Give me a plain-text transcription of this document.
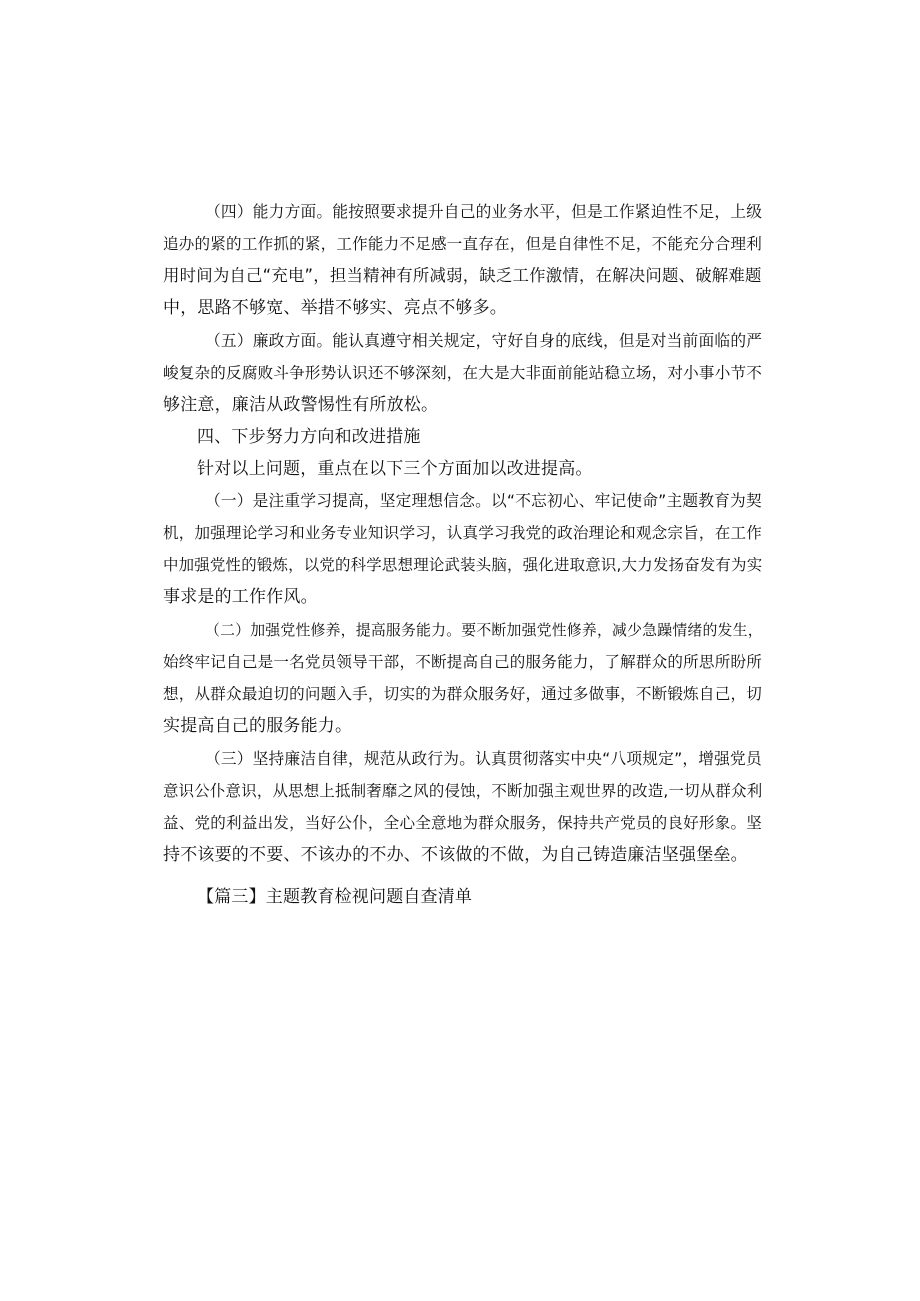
（四）能力方面。能按照要求提升自己的业务水平，但是工作紧迫性不足，上级
追办的紧的工作抓的紧，工作能力不足感一直存在，但是自律性不足，不能充分合理利
用时间为自己“充电”，担当精神有所减弱，缺乏工作激情，在解决问题、破解难题
中，思路不够宽、举措不够实、亮点不够多。
（五）廉政方面。能认真遵守相关规定，守好自身的底线，但是对当前面临的严
峻复杂的反腐败斗争形势认识还不够深刻，在大是大非面前能站稳立场，对小事小节不
够注意，廉洁从政警惕性有所放松。
四、下步努力方向和改进措施
针对以上问题，重点在以下三个方面加以改进提高。
（一）是注重学习提高，坚定理想信念。以“不忘初心、牢记使命”主题教育为契
机，加强理论学习和业务专业知识学习，认真学习我党的政治理论和观念宗旨，在工作
中加强党性的锻炼，以党的科学思想理论武装头脑，强化进取意识,大力发扬奋发有为实
事求是的工作作风。
（二）加强党性修养，提高服务能力。要不断加强党性修养，减少急躁情绪的发生，
始终牢记自己是一名党员领导干部，不断提高自己的服务能力，了解群众的所思所盼所
想，从群众最迫切的问题入手，切实的为群众服务好，通过多做事，不断锻炼自己，切
实提高自己的服务能力。
（三）坚持廉洁自律，规范从政行为。认真贯彻落实中央“八项规定”，增强党员
意识公仆意识，从思想上抵制奢靡之风的侵蚀，不断加强主观世界的改造,一切从群众利
益、党的利益出发，当好公仆，全心全意地为群众服务，保持共产党员的良好形象。坚
持不该要的不要、不该办的不办、不该做的不做，为自己铸造廉洁坚强堡垒。
【篇三】主题教育检视问题自查清单
